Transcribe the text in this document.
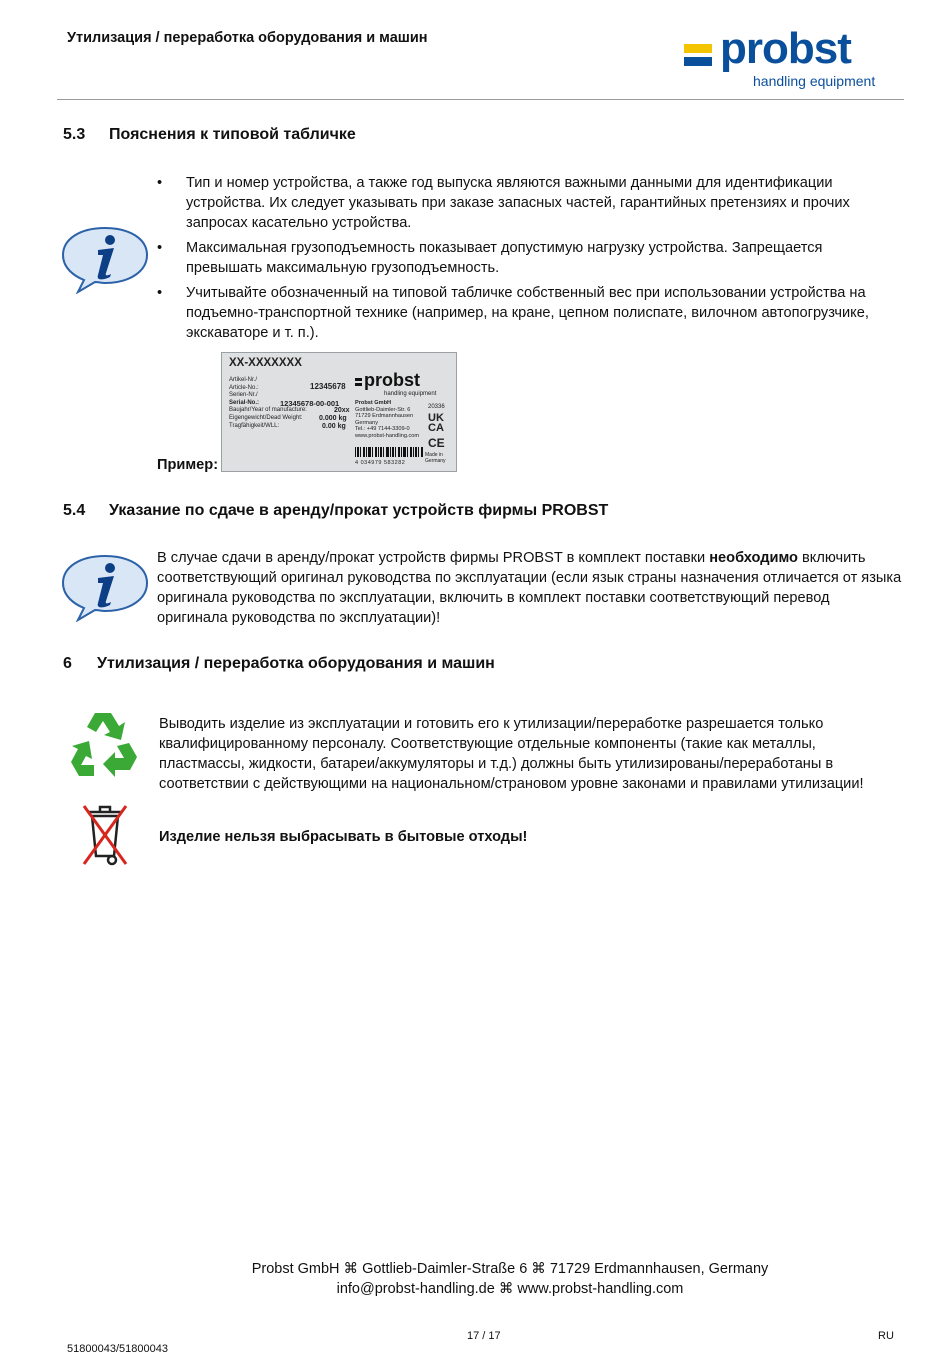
Утилизация / переработка оборудования и машин	probst
handling equipment
5.3 Пояснения к типовой табличке
• Тип и номер устройства, а также год выпуска являются важными данными для идентификации устройства. Их следует указывать при заказе запасных частей, гарантийных претензиях и прочих запросах касательно устройства.
• Максимальная грузоподъемность показывает допустимую нагрузку устройства. Запрещается превышать максимальную грузоподъемность.
• Учитывайте обозначенный на типовой табличке собственный вес при использовании устройства на подъемно-транспортной технике (например, на кране, цепном полиспате, вилочном автопогрузчике, экскаваторе и т. п.).
Пример:
XX-XXXXXXX
Artikel-Nr./
Article-No.:
Serien-Nr./
Serial-No.:
Baujahr/Year of manufacture:
Eigengewicht/Dead Weight:
Tragfähigkeit/WLL:
12345678
12345678-00-001
20xx
0.000 kg
0.00 kg
probst
handling equipment
Probst GmbH
Gottlieb-Daimler-Str. 6
71729 Erdmannhausen
Germany
Tel.: +49 7144-3309-0
www.probst-handling.com
20336
UK
CA
CE
Made in Germany
4 034979 583282
5.4 Указание по сдаче в аренду/прокат устройств фирмы PROBST
В случае сдачи в аренду/прокат устройств фирмы PROBST в комплект поставки необходимо включить соответствующий оригинал руководства по эксплуатации (если язык страны назначения отличается от языка оригинала руководства по эксплуатации, включить в комплект поставки соответствующий перевод оригинала руководства по эксплуатации)!
6 Утилизация / переработка оборудования и машин
Выводить изделие из эксплуатации и готовить его к утилизации/переработке разрешается только квалифицированному персоналу. Соответствующие отдельные компоненты (такие как металлы, пластмассы, жидкости, батареи/аккумуляторы и т.д.) должны быть утилизированы/переработаны в соответствии с действующими на национальном/страновом уровне законами и правилами утилизации!
Изделие нельзя выбрасывать в бытовые отходы!
Probst GmbH ⌘ Gottlieb-Daimler-Straße 6 ⌘ 71729 Erdmannhausen, Germany
info@probst-handling.de ⌘ www.probst-handling.com
17 / 17	RU
51800043/51800043
